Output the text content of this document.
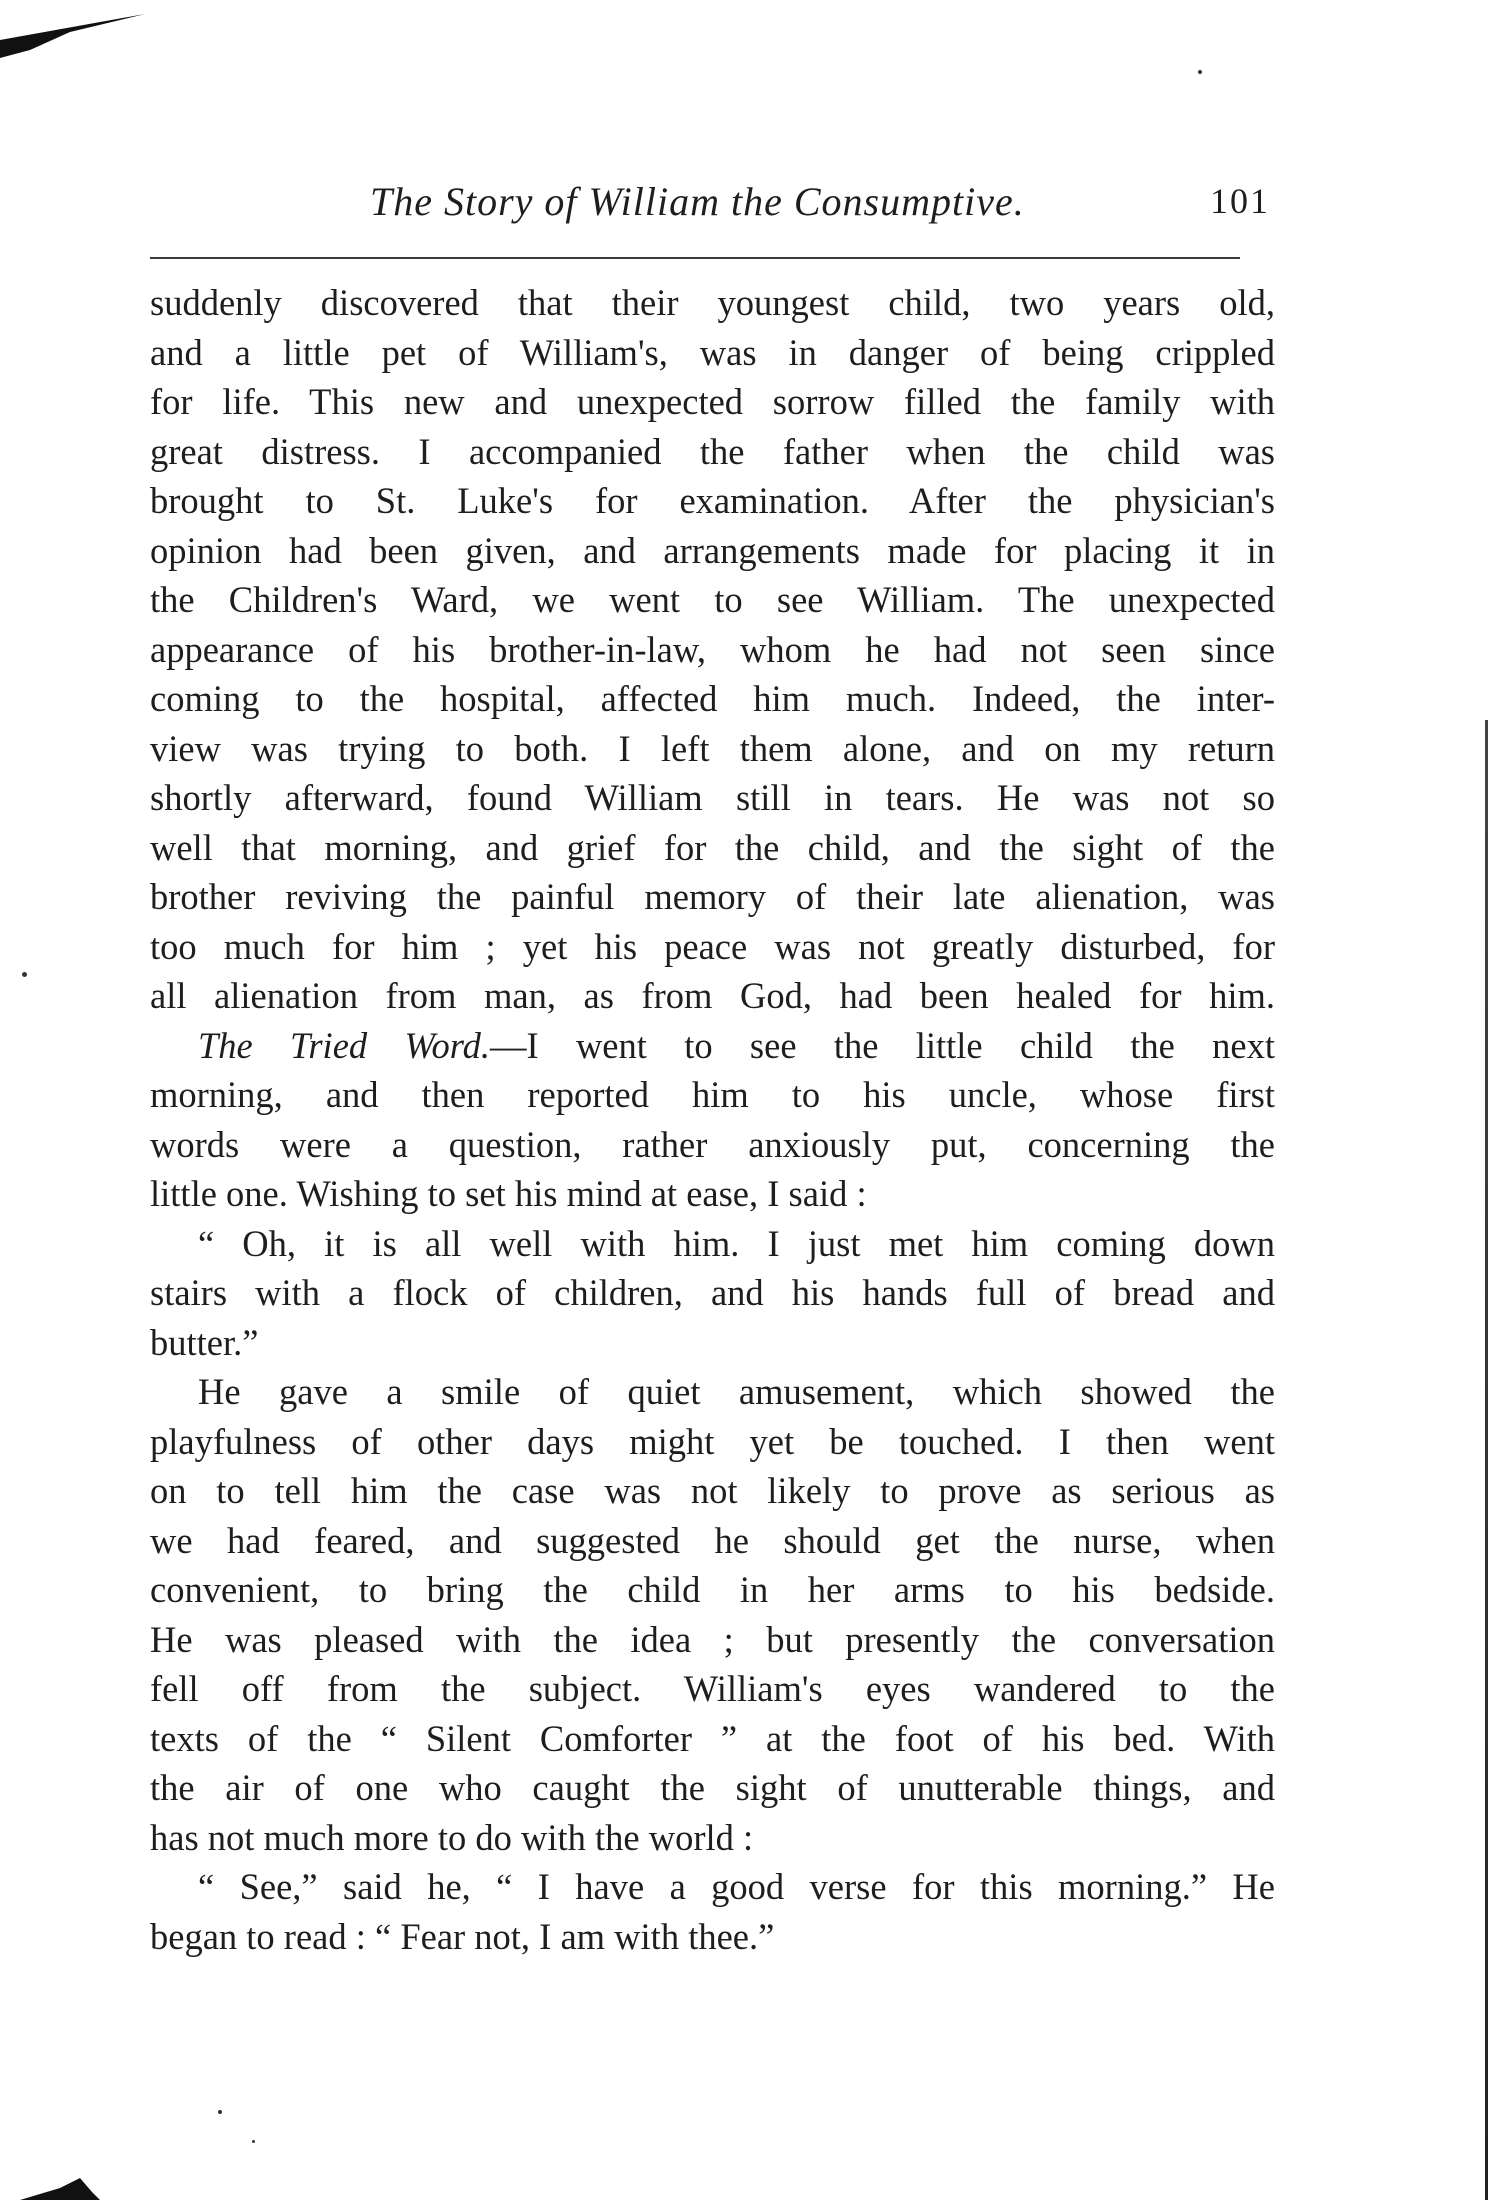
The Story of William the Consumptive.	101
suddenly discovered that their youngest child, two years old,
and a little pet of William's, was in danger of being crippled
for life. This new and unexpected sorrow filled the family with
great distress. I accompanied the father when the child was
brought to St. Luke's for examination. After the physician's
opinion had been given, and arrangements made for placing it in
the Children's Ward, we went to see William. The unexpected
appearance of his brother-in-law, whom he had not seen since
coming to the hospital, affected him much. Indeed, the inter-
view was trying to both. I left them alone, and on my return
shortly afterward, found William still in tears. He was not so
well that morning, and grief for the child, and the sight of the
brother reviving the painful memory of their late alienation, was
too much for him ; yet his peace was not greatly disturbed, for
all alienation from man, as from God, had been healed for him.
The Tried Word.—I went to see the little child the next
morning, and then reported him to his uncle, whose first
words were a question, rather anxiously put, concerning the
little one. Wishing to set his mind at ease, I said :
“ Oh, it is all well with him. I just met him coming down
stairs with a flock of children, and his hands full of bread and
butter.”
He gave a smile of quiet amusement, which showed the
playfulness of other days might yet be touched. I then went
on to tell him the case was not likely to prove as serious as
we had feared, and suggested he should get the nurse, when
convenient, to bring the child in her arms to his bedside.
He was pleased with the idea ; but presently the conversation
fell off from the subject. William's eyes wandered to the
texts of the “ Silent Comforter ” at the foot of his bed. With
the air of one who caught the sight of unutterable things, and
has not much more to do with the world :
“ See,” said he, “ I have a good verse for this morning.” He
began to read : “ Fear not, I am with thee.”
